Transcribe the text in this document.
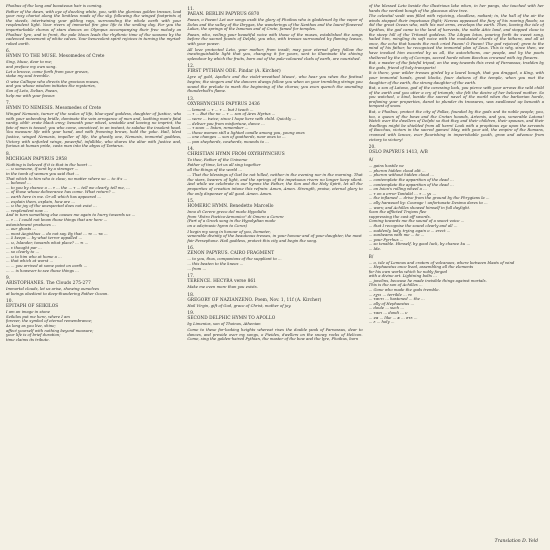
Phoibus of the long and beauteous hair is coming.

Father of the dawn, with eye of dazzling white, you, with the glorious golden tresses, lead your rosy chariot along the limitless roads of the sky, following the winged footprints of the steeds, intertwining your gilding rays, surrounding the whole earth with your resplendent light. Your rivers of immortal fire give life to the smiling day. For you the imperturbable chorus of stars dances on Olympus accompanying their free melody on Phoibus' lyre, and in front, the pale Moon leads the rhythmic time of the seasons by the cadenced movement of white calves. Your benevolent spirit rejoices in turning the myriad-robed earth.

6.
HYMN TO THE MUSE. Mesomedes of Crete

Sing, Muse, dear to me;
and preface my own song.
Let a breeze, come forth from your groves,
stake my soul tremble.

O wise Calliope who directs the gracious muses,
and you whose wisdom initiates the mysteries,
Son of Leto, Delian, Paean,
help me with your favour.

7.
HYMN TO NEMESIS. Mesomedes of Crete

Winged Nemesis, turner of the scales of life, blue-eyed goddess, daughter of Justice, who with your unbending bridle, dominate the vain arrogance of men and, loathing man's fatal vanity, oblit- erate black envy; beneath your wheel, unstable and leaving no imprint, the fate of men is tossed; you who come, unnoticed, in an instant, to subdue the insolent head. You measure life with your hand, and with frowning brows, hold the yoke. Hail, blest Justice, winged Nemesis, impeller of life, the ghostly one, Nemesis, immortal goddess, Victory with unfurled wings, powerful, infallible, who shares the altar with Justice and, furious at human pride, casts man into the abyss of Tartarus.

8.
MICHIGAN PAPYRUS 2958

Nothing is beloved if it is that in the heart ...
... ω someone, if sent by a stranger ...
in the tomb of women you said that ...
That which to him who is close, no matter where so ... to it's ...
... beloved ...
... to you by chance o ... τ ... the ... τ ... tell we clearly, tell me, ...
... of those whose deliverance has come. What return? ...
... earth here in me. Or all which has appeared ...
... explain them, explain, how are ...
... ω the joy of the unexpected does not exist ...
... resplendent now ...
And in turn something else causes me again to hurry towards us ...
... τ ... I could not know those things that are here ...
astonishment produces ...
... our ghosts ...
... most Aegisthus ... do not say. By that ... τε ... τα ...
... λ keeps ... by what terror appalled ...
... ω, Islander, towards what place? ... τι ...
... ε thought par ...
... so clearly to ...
... ω to him who at home a ...
... that which at worst ...
... ... you arrived at some point on earth ...
... ... is however to see these things ...

9.
ARISTOPHANES. The Clouds 275-277

Immortal clouds, let us arise, showing ourselves
at beings obedient to deep-thundering Father Ocean.

10.
EPITAPH OF SEIKILOS

I am an image in stone
Seikilos put me here, where I am
forever, the symbol of eternal remembrance;
As long as you live, shine;
affect yourself with nothing beyond measure;
your life is of brief duration;
time claims its tribute.

11.
PAEAN. BERLIN PAPYRUS 6870

Paean, o Paean! Let our songs exalt the glory of Phoibus who is gladdened by the vapor of Delos and the valley of the Ibrygas, the wanderings of the Xanthos and the laurel-flowered Lakes, the springs of the Ismenos and of Crete, famed for temples.

Paean, who, veiling your beautiful voice with those of the muses, established the songs before the sacred founts of Delphi, you who, with tresses surrounded by flaming leaves, with your power.

All love protected Leto, your mother, from insult; may your eternal glory follow the inextinguishable light that you, changing it for yours, sent to illuminate the shining splendour by which the fruits, born out of the pale-coloured clods of earth, are nourished.

12.
FIRST PYTHIAN ODE. Pindar (A. Kircher)

Lyre of gold, Apollo's and the violet-wreathed Muses', who hear you when the festival begins; the singers and the dancers always follow you when on your trembling strings you sound the prelude to mark the beginning of the chorus; you even quench the unending thunderbolt's flame.

13.
OXYRHYNCHUS PAPYRUS 2436

... lament ... τ ... τ ... but I teach ...
... τ ... But the no ... τ ... son of Ares Hyrtus ...
... were ... twice; since I hope here with child. Quickly ...
... deliver you from misfortune, dance ...
... τ soon ... listen, remember ...
... these women still a lighted candle among you, young ones
... one changes ... son of goatherds, near ones to ...
... pan shepherds, cowherds, mounds to ...

14.
CHRISTIAN HYMN FROM OXYRHYNCHUS

To thee, Father of the Universe
Father of time, let us all sing together
all the things of the world ...

... That the blessings of God be not hilled, neither in the evening nor in the morning. That the stars, bearers of light, and the springs of the impetuous rivers no longer keep silent. And while we celebrate in our hymns the Father, the Son and the Holy Spirit, let all the properties of creation intone this refrain: Amen, Amen. Strength, praise, eternal glory to the only dispenser of all good. Amen. Amen.

15.
HOMERIC HYMN. Benedetto Marcello

Inno di Cerere greco del modo Hypolidio
from "Estro Poetico-Armonico" di Omero a Cerere
(Part of a Greek song in the Hypolydian mode
on a ode/music hymn to Ceres)

I begin my song in honour of you, Demeter,
venerable divinity of the beauteous tresses, in your honour and of your daughter, the most fair Persephone. Hail goddess, protect this city and begin the song.

16.
ZENON PAPYRUS. CAIRO FRAGMENT

... to you, thus, companions of the suppliant to ...
... this beaten to the knees ...
... from ...

17.
TERENCE. HECYRA verse 861

Make me even more than you exists.

18.
GREGORY OF NAZIANZENO. Poem, Nov. 1, 11f (A. Kircher)

Hail Virgin, gift of God, grace of Christ, mother of joy.

19.
SECOND DELPHIC HYMN TO APOLLO

by Limenios, son of Thoinos, Athenian

Come to these far-looking heights whereat rises the double peak of Parnassus, dear to dances, and preside over my songs, o Pieides, dwellers on the snowy rocks of Helicon. Come, sing the golden-haired Pythian, the master of the bow and the lyre, Phoibus, born

of the blessed Leto beside the illustrious lake when, in her pangs, she touched with her hands the verdant bough of the glaucous olive tree.

The celestial vault was filled with rejoicing, cloudless, radiant; in, the hall of the air the winds stopped their impetuous flight; Nereus appeased the fury of his roaring floods; so did the great Ocean who, with his wet arms, envelops the earth. Then, leaving the isle of Kynthos, the god came to the land of harvests, the noble Attic land, and stopped close to the steep hill of the Tritonid goddess. The Libyan lotus, pouring forth its sweet song, hailed him, mingling its soft voice with the modulated chords of the kithara, and all at once, the echo that haunts the rock cried Paean! O Paean! The god rejoiced; grew to the mind of his father, he recognized the immortal plan of Zeus. This is why, since then, we have invoked him escorted by us all, the autochthons, our people, and by the poets sheltered by the city of Cecrops, sacred horde whom Bacchus crowned with ivy flowers.

But, o master of the fateful tripod, on the way towards this crest of Parnassus, trodden by the gods, friend of holy transports!

It is there, your wilder tresses girded by a laurel bough, that you dragged, o King, with your immortal hands, great blocks, foun- dations of the temple, when you met the daughter of the earth, the strong daughter of the earth.

But, o son of Latona, god of the caressing look, you pierce with your arrows the wild child of the earth and you utter a cry of triumph; she felt the desire of her beloved mother. So you watched, o kind, beside the sacred navel of the world when the barbarian horde, profaning your properties, dared to plunder its treasures, was swallowed up beneath a tempest of snow.

But, o Phoibus, protect the city of Pallas, founded by the gods and its noble people; you, too, o queen of the bows and the Cretan hounds, Artemis, and you, venerable Latona! Watch over the dwellers of Delphi so that they and their children, their spouses, and their dwellings might be shielded from all harm! Look with a propitious eye upon the servants of Bacchus, victors in the sacred games! May, with your aid, the empire of the Romans, crowned with lances, ever flourishing in imperishable youth, grow and advance from victory to victory!

20.
OSLO PAPYRUS 1413, A/B
A/

... gains hostile ne
... pheron hidden cloud alit ...
... pheron without hidden cloud ...
... contemplate the apparition of the dead ...
... contemplate the apparition of the dead ...
... on Ixion's rolling wheel a ...
... τ on a error Tantalid ... τ ... ys ...
... the inflamed ... drive from the ground by the Phrygians la ...
... ally harassed by: Courage ! unfortunate Desima dares to ...
... wars; and Achilles showed himself in full daylight.
Soon the afflicted Trojans flee
suppressing the cast off swords.
Coming towards me the sound of a sweet voice ...
... that I recognise the sound clearly and all ...
... suddenly, lady, trying again o ... erect ...
... sunbeams with me ... to ...
... your Pyrrhus ...
... so tenable. Himself, by good luck, by chance ku ...
... Ida.

B/

... o, isle of Lemnos and craters of volcanoes, where between blasts of wind
... Hephaestus once lived, assembling all the elements
for his own works which he nobly forged
with a divine art. Lightning bolts ...
... javelins, because he made invisible things against mortals.
This is the son of Achilles ...
... Gone who made the gods tremble.
... εχει ... terrible ... τε
... ταυτι ... hastened ... the ...
... ally of Hephaestus ...
... doule ... such ...
... τασι ... dondi ... ν
... να ... like ... κ ... στε ...
... ε ... holy ...

Translation D. Yeld
